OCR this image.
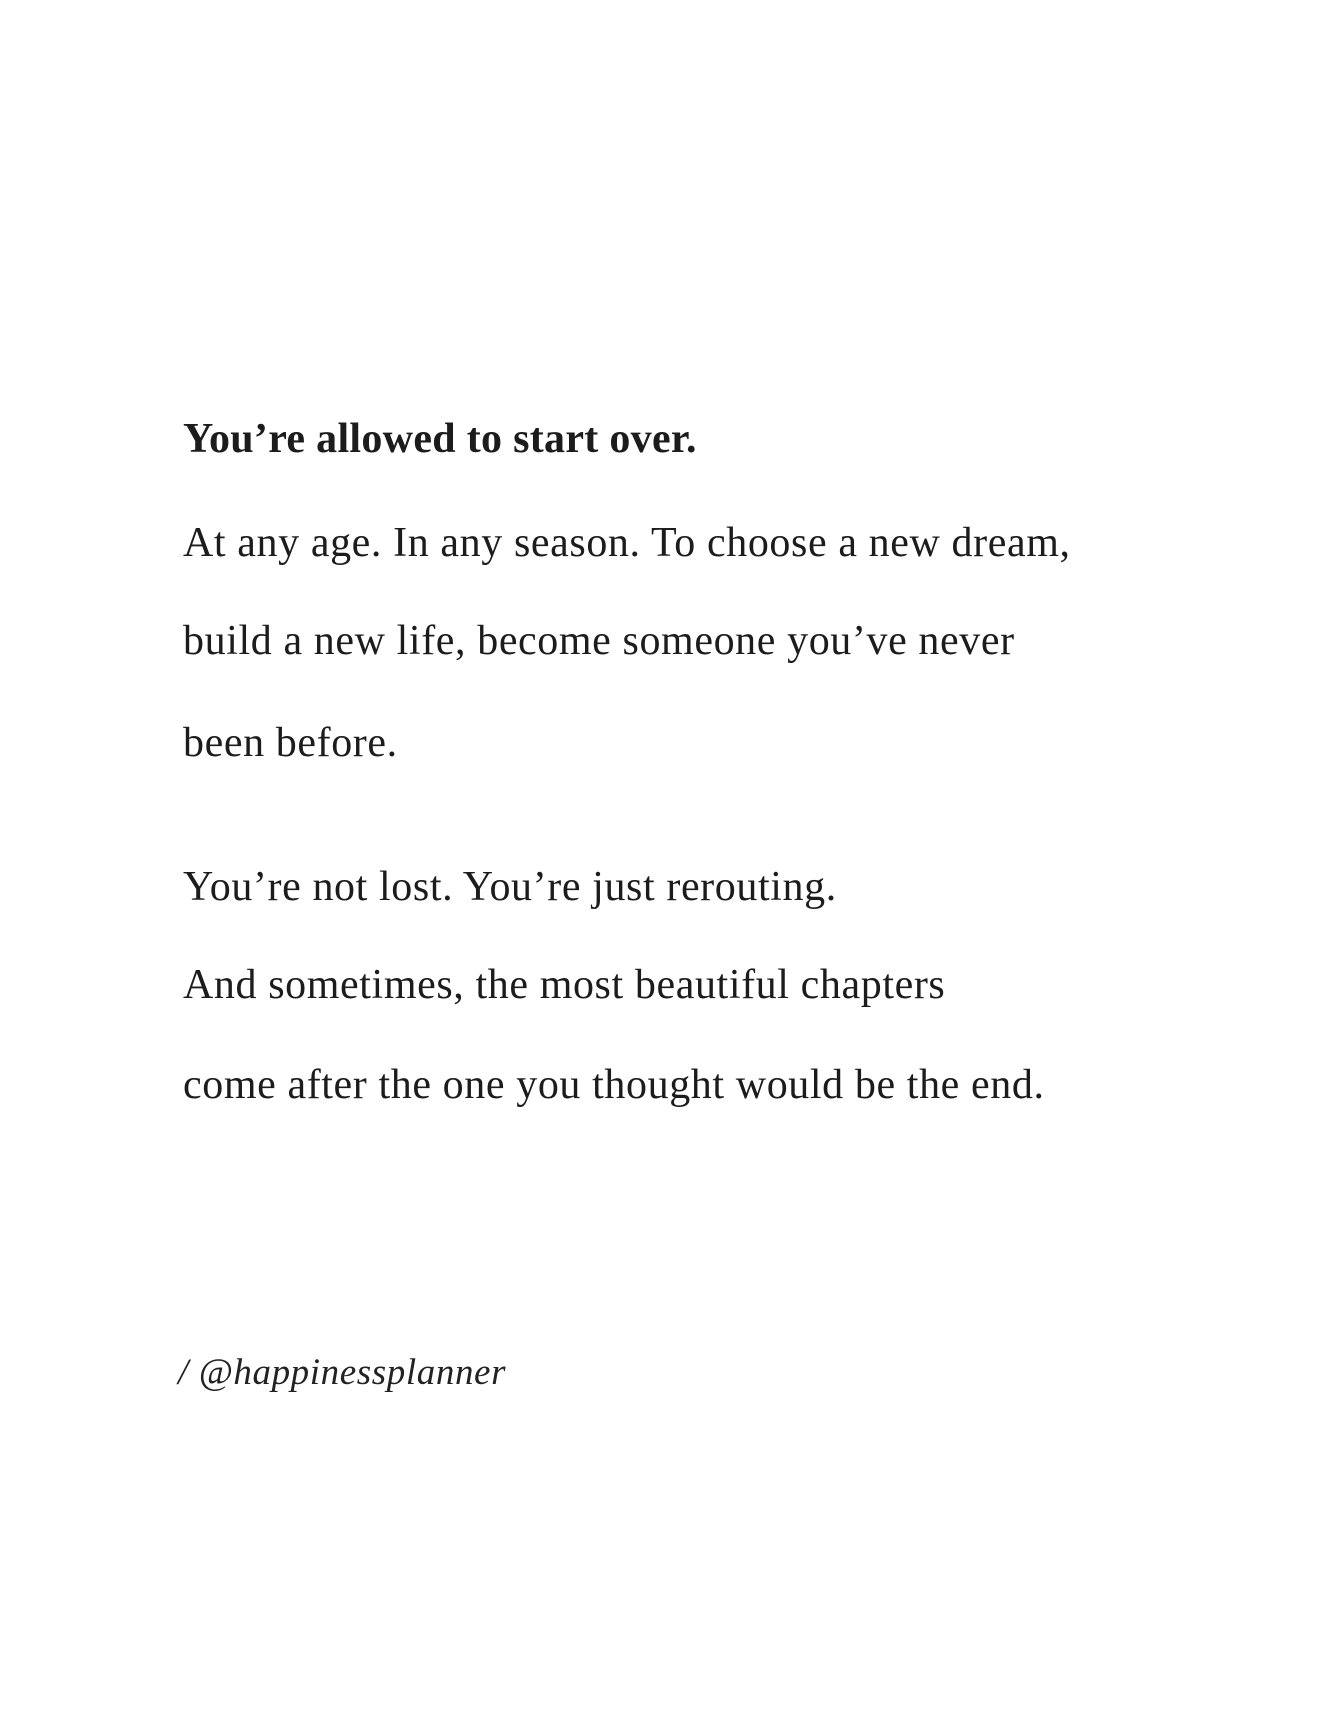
You’re allowed to start over.
At any age. In any season. To choose a new dream,
build a new life, become someone you’ve never
been before.
You’re not lost. You’re just rerouting.
And sometimes, the most beautiful chapters
come after the one you thought would be the end.
/ @happinessplanner
